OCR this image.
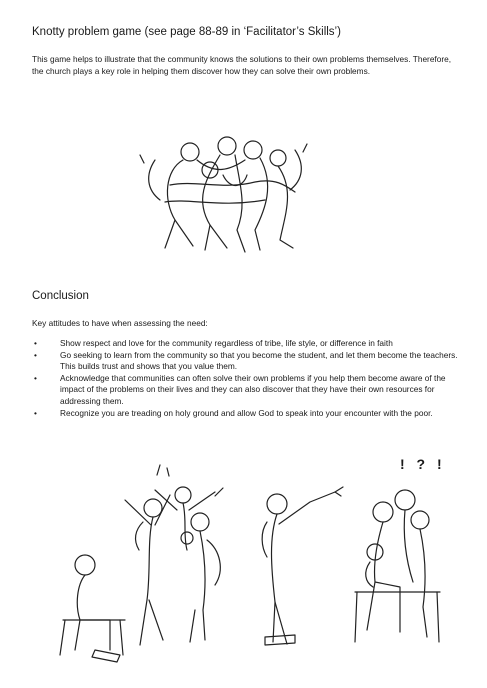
Knotty problem game (see page 88-89 in ‘Facilitator’s Skills’)
This game helps to illustrate that the community knows the solutions to their own problems themselves. Therefore, the church plays a key role in helping them discover how they can solve their own problems.
Conclusion
Key attitudes to have when assessing the need:
•	Show respect and love for the community regardless of tribe, life style, or difference in faith
•	Go seeking to learn from the community so that you become the student, and let them become the teachers. This builds trust and shows that you value them.
•	Acknowledge that communities can often solve their own problems if you help them become aware of the impact of the problems on their lives and they can also discover that they have their own resources for addressing them.
•	Recognize you are treading on holy ground and allow God to speak into your encounter with the poor.
! ? !
